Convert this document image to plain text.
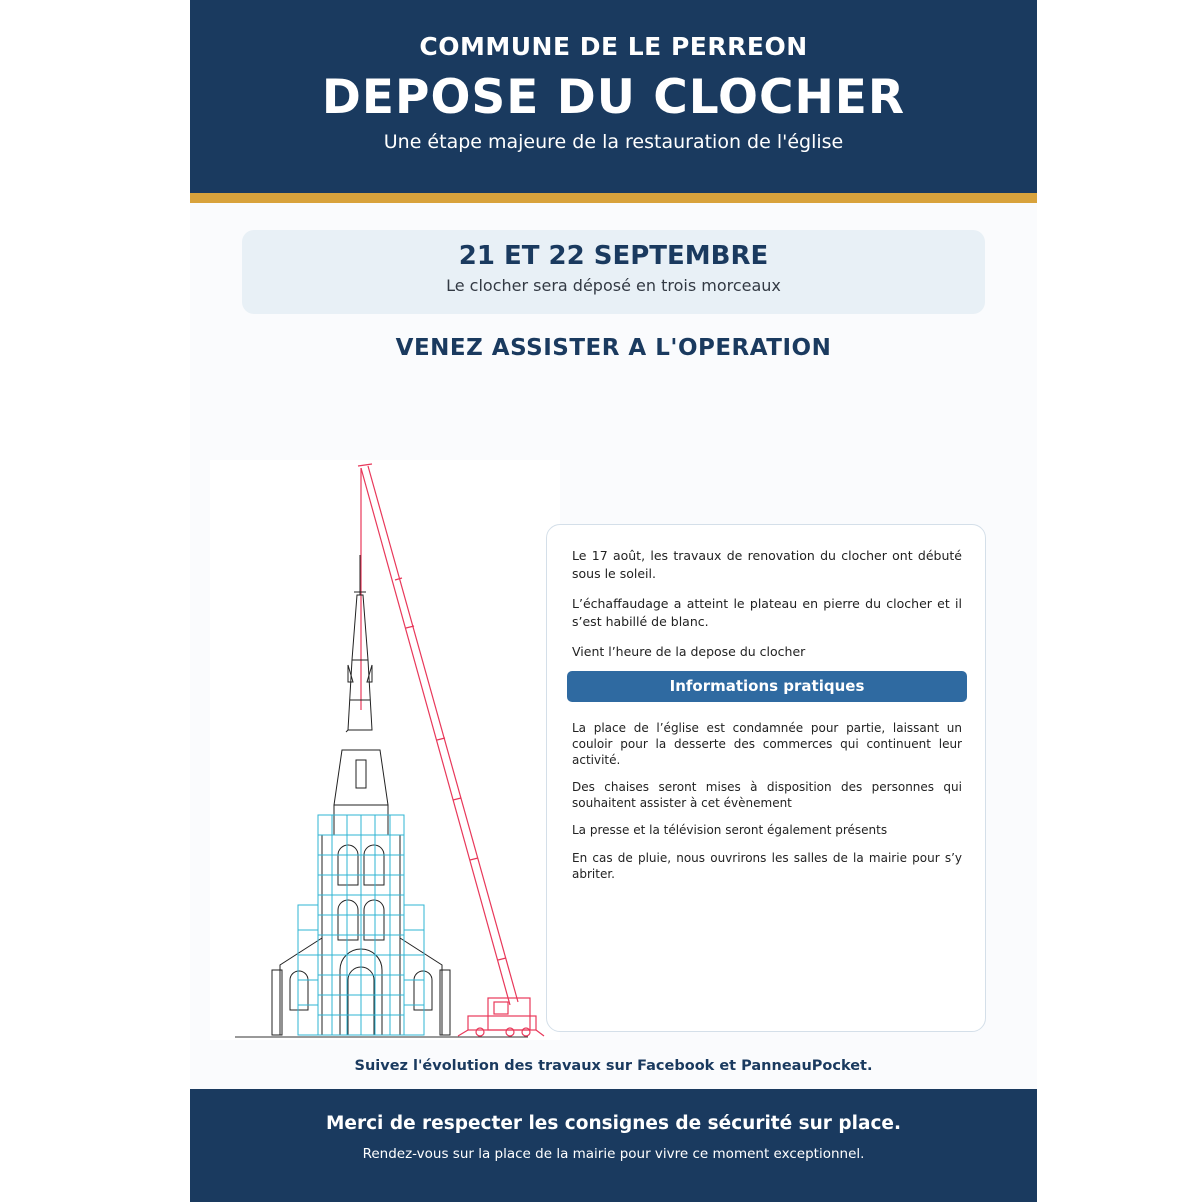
COMMUNE DE LE PERREON
DEPOSE DU CLOCHER
Une étape majeure de la restauration de l'église
21 ET 22 SEPTEMBRE
Le clocher sera déposé en trois morceaux
VENEZ ASSISTER A L'OPERATION

Le 17 août, les travaux de renovation du clocher ont débuté sous le soleil.

L’échaffaudage a atteint le plateau en pierre du clocher et il s’est habillé de blanc.

Vient l’heure de la depose du clocher

Informations pratiques

La place de l’église est condamnée pour partie, laissant un couloir pour la desserte des commerces qui continuent leur activité.

Des chaises seront mises à disposition des personnes qui souhaitent assister à cet évènement

La presse et la télévision seront également présents

En cas de pluie, nous ouvrirons les salles de la mairie pour s’y abriter.

Suivez l'évolution des travaux sur Facebook et PanneauPocket.
Merci de respecter les consignes de sécurité sur place.
Rendez-vous sur la place de la mairie pour vivre ce moment exceptionnel.
